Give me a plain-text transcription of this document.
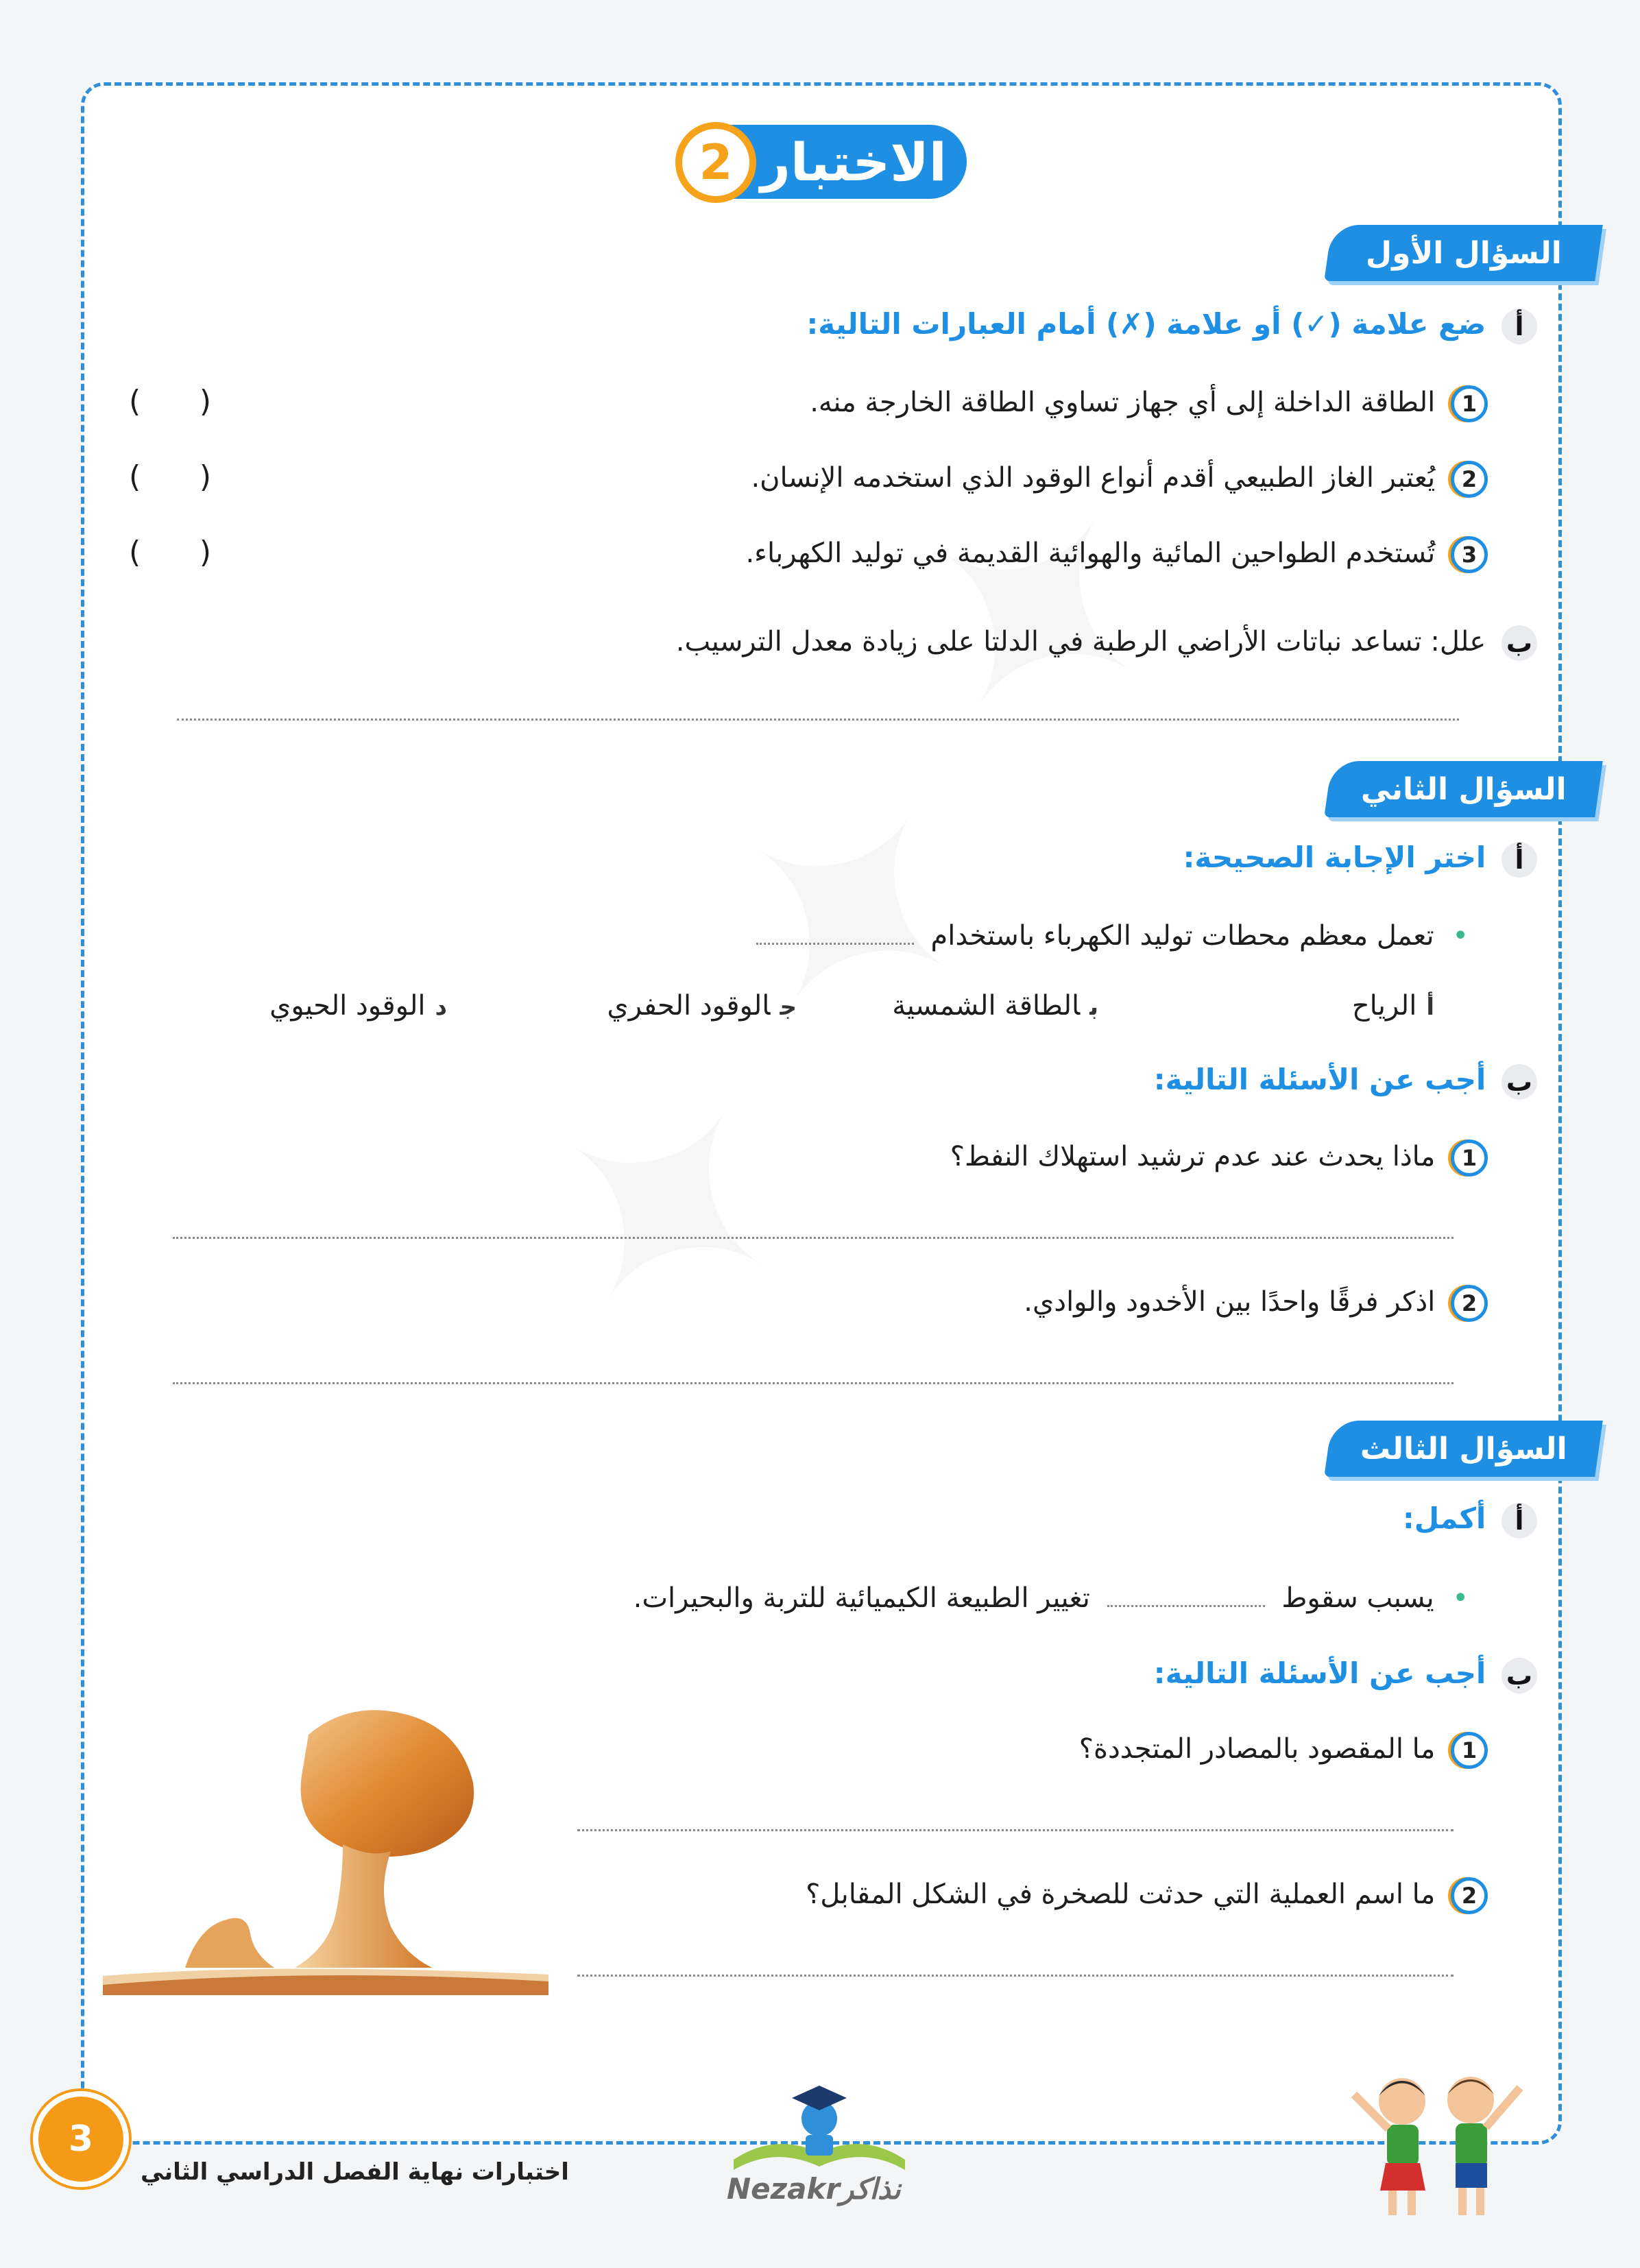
الاختبار
2
السؤال الأول
أ ضع علامة (✓) أو علامة (✗) أمام العبارات التالية:
1 الطاقة الداخلة إلى أي جهاز تساوي الطاقة الخارجة منه.
( )
2 يُعتبر الغاز الطبيعي أقدم أنواع الوقود الذي استخدمه الإنسان.
( )
3 تُستخدم الطواحين المائية والهوائية القديمة في توليد الكهرباء.
( )
ب علل: تساعد نباتات الأراضي الرطبة في الدلتا على زيادة معدل الترسيب.
السؤال الثاني
أ اختر الإجابة الصحيحة:
• تعمل معظم محطات توليد الكهرباء باستخدام
أالرياح
بالطاقة الشمسية
جالوقود الحفري
دالوقود الحيوي
ب أجب عن الأسئلة التالية:
1 ماذا يحدث عند عدم ترشيد استهلاك النفط؟
2 اذكر فرقًا واحدًا بين الأخدود والوادي.
السؤال الثالث
أ أكمل:
• يسبب سقوط  تغيير الطبيعة الكيميائية للتربة والبحيرات.
ب أجب عن الأسئلة التالية:
1 ما المقصود بالمصادر المتجددة؟
2 ما اسم العملية التي حدثت للصخرة في الشكل المقابل؟
Nezakrنذاكر
3
اختبارات نهاية الفصل الدراسي الثاني
